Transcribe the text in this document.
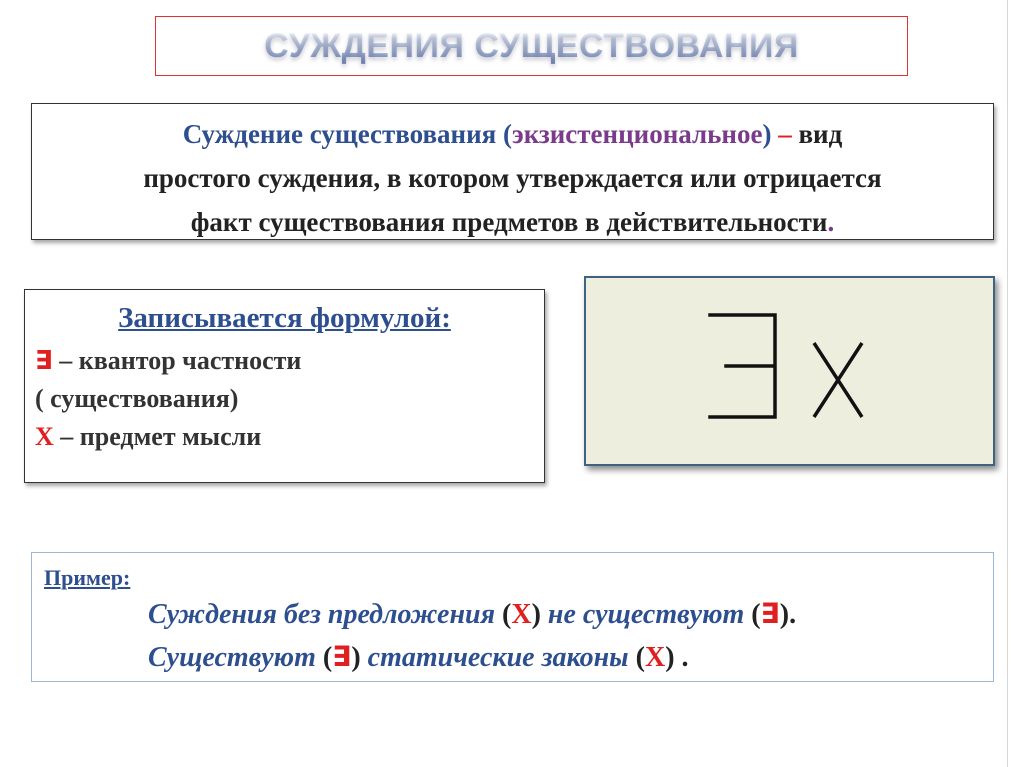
СУЖДЕНИЯ СУЩЕСТВОВАНИЯ
Суждение существования (экзистенциональное) – вид
простого суждения, в котором утверждается или отрицается
факт существования предметов в действительности.
Записывается формулой:
∃ – квантор частности
( существования)
X – предмет мысли
Пример:
Суждения без предложения (X) не существуют (∃).
Существуют (∃) статические законы (X) .
